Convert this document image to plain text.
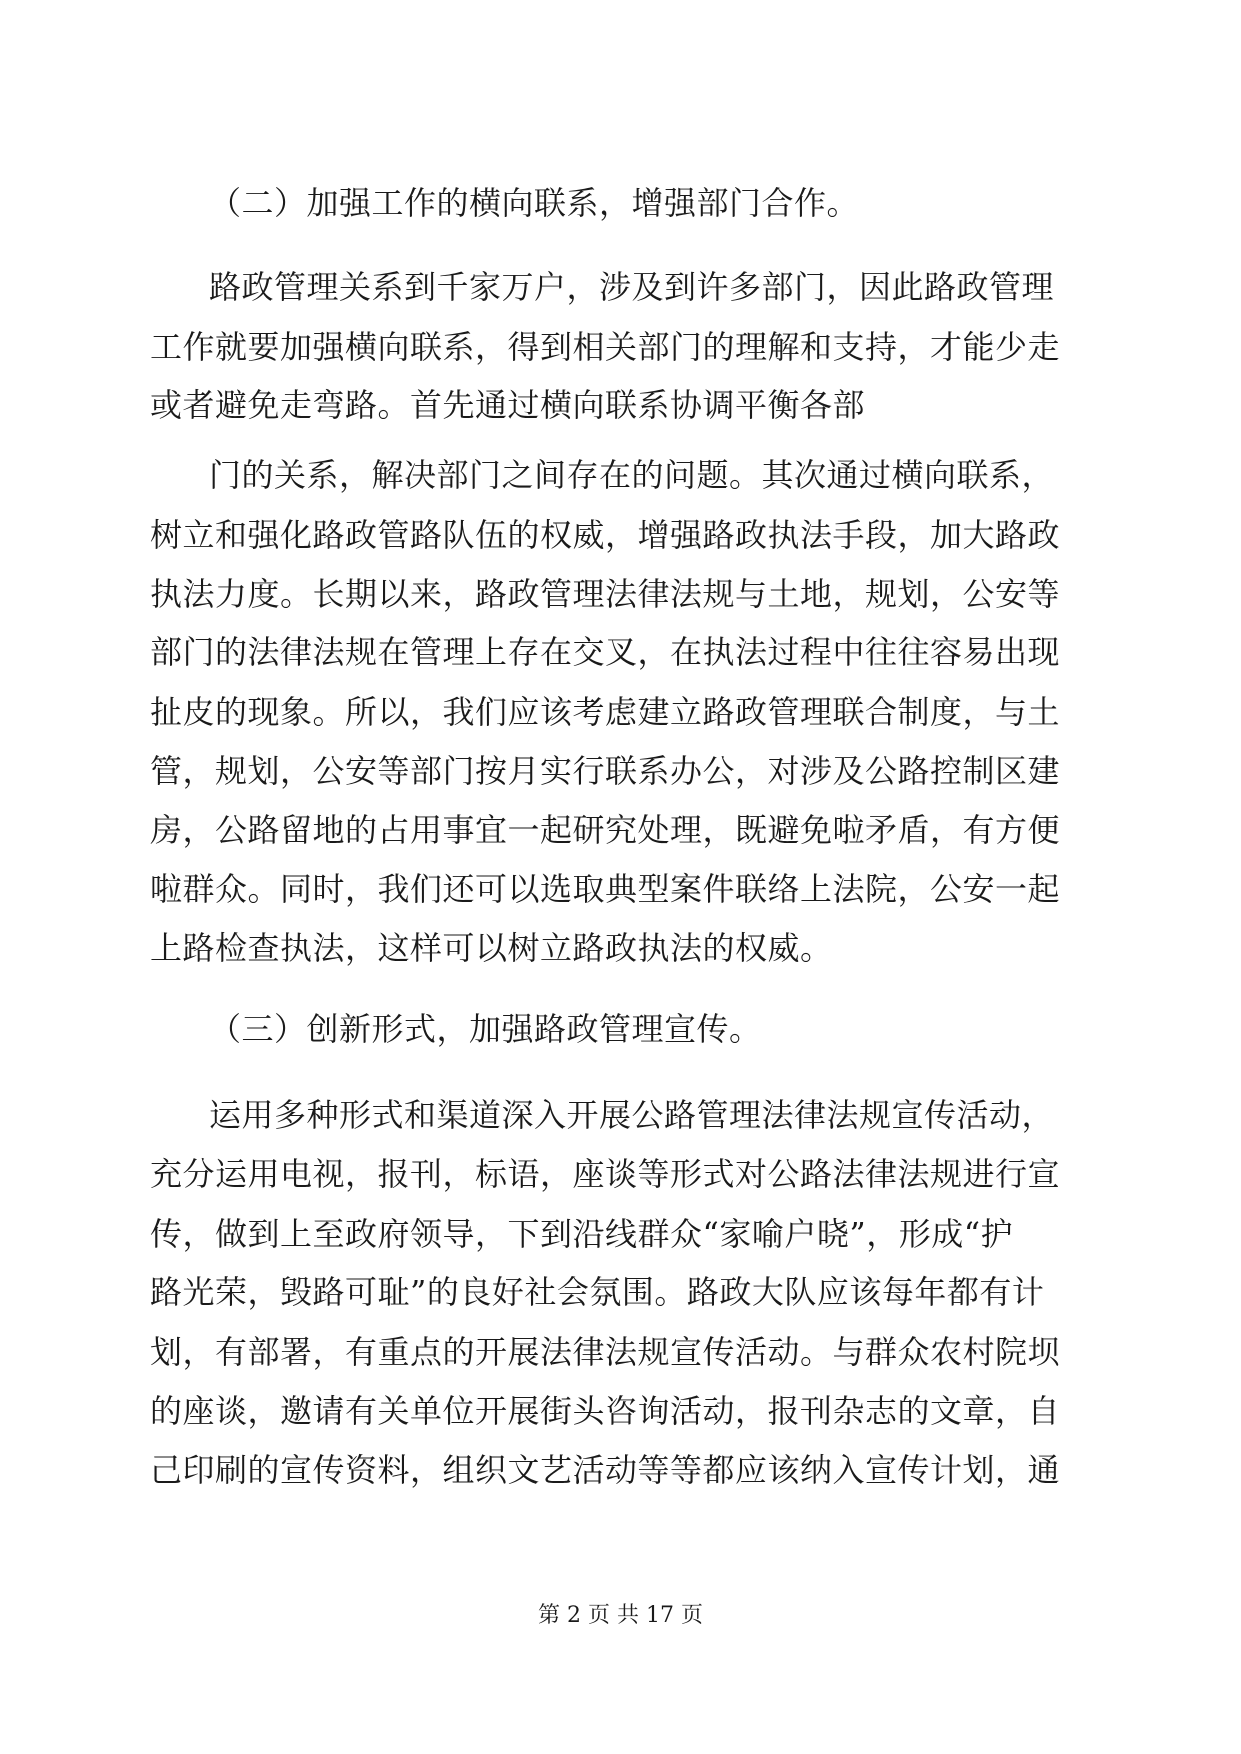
（二）加强工作的横向联系，增强部门合作。
路政管理关系到千家万户，涉及到许多部门，因此路政管理
工作就要加强横向联系，得到相关部门的理解和支持，才能少走
或者避免走弯路。首先通过横向联系协调平衡各部
门的关系，解决部门之间存在的问题。其次通过横向联系，
树立和强化路政管路队伍的权威，增强路政执法手段，加大路政
执法力度。长期以来，路政管理法律法规与土地，规划，公安等
部门的法律法规在管理上存在交叉，在执法过程中往往容易出现
扯皮的现象。所以，我们应该考虑建立路政管理联合制度，与土
管，规划，公安等部门按月实行联系办公，对涉及公路控制区建
房，公路留地的占用事宜一起研究处理，既避免啦矛盾，有方便
啦群众。同时，我们还可以选取典型案件联络上法院，公安一起
上路检查执法，这样可以树立路政执法的权威。
（三）创新形式，加强路政管理宣传。
运用多种形式和渠道深入开展公路管理法律法规宣传活动，
充分运用电视，报刊，标语，座谈等形式对公路法律法规进行宣
传，做到上至政府领导，下到沿线群众“家喻户晓”，形成“护
路光荣，毁路可耻”的良好社会氛围。路政大队应该每年都有计
划，有部署，有重点的开展法律法规宣传活动。与群众农村院坝
的座谈，邀请有关单位开展街头咨询活动，报刊杂志的文章，自
己印刷的宣传资料，组织文艺活动等等都应该纳入宣传计划，通
第 2 页 共 17 页
